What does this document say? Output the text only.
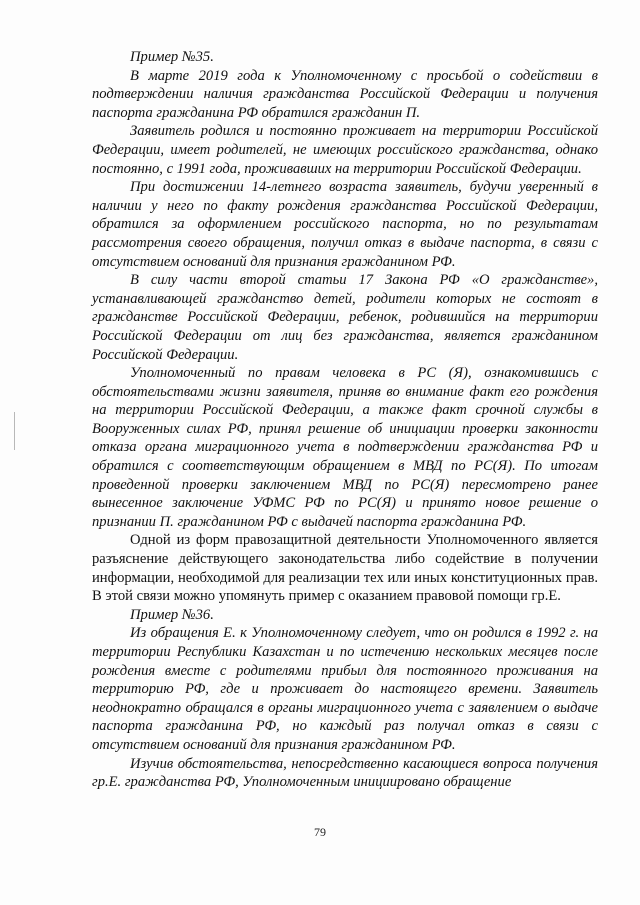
Пример №35.

В марте 2019 года к Уполномоченному с просьбой о содействии в подтверждении наличия гражданства Российской Федерации и получения паспорта гражданина РФ обратился гражданин П.

Заявитель родился и постоянно проживает на территории Российской Федерации, имеет родителей, не имеющих российского гражданства, однако постоянно, с 1991 года, проживавших на территории Российской Федерации.

При достижении 14-летнего возраста заявитель, будучи уверенный в наличии у него по факту рождения гражданства Российской Федерации, обратился за оформлением российского паспорта, но по результатам рассмотрения своего обращения, получил отказ в выдаче паспорта, в связи с отсутствием оснований для признания гражданином РФ.

В силу части второй статьи 17 Закона РФ «О гражданстве», устанавливающей гражданство детей, родители которых не состоят в гражданстве Российской Федерации, ребенок, родившийся на территории Российской Федерации от лиц без гражданства, является гражданином Российской Федерации.

Уполномоченный по правам человека в РС (Я), ознакомившись с обстоятельствами жизни заявителя, приняв во внимание факт его рождения на территории Российской Федерации, а также факт срочной службы в Вооруженных силах РФ, принял решение об инициации проверки законности отказа органа миграционного учета в подтверждении гражданства РФ и обратился с соответствующим обращением в МВД по РС(Я). По итогам проведенной проверки заключением МВД по РС(Я) пересмотрено ранее вынесенное заключение УФМС РФ по РС(Я) и принято новое решение о признании П. гражданином РФ с выдачей паспорта гражданина РФ.

Одной из форм правозащитной деятельности Уполномоченного является разъяснение действующего законодательства либо содействие в получении информации, необходимой для реализации тех или иных конституционных прав. В этой связи можно упомянуть пример с оказанием правовой помощи гр.Е.

Пример №36.

Из обращения Е. к Уполномоченному следует, что он родился в 1992 г. на территории Республики Казахстан и по истечению нескольких месяцев после рождения вместе с родителями прибыл для постоянного проживания на территорию РФ, где и проживает до настоящего времени. Заявитель неоднократно обращался в органы миграционного учета с заявлением о выдаче паспорта гражданина РФ, но каждый раз получал отказ в связи с отсутствием оснований для признания гражданином РФ.

Изучив обстоятельства, непосредственно касающиеся вопроса получения гр.Е. гражданства РФ, Уполномоченным инициировано обращение

79
